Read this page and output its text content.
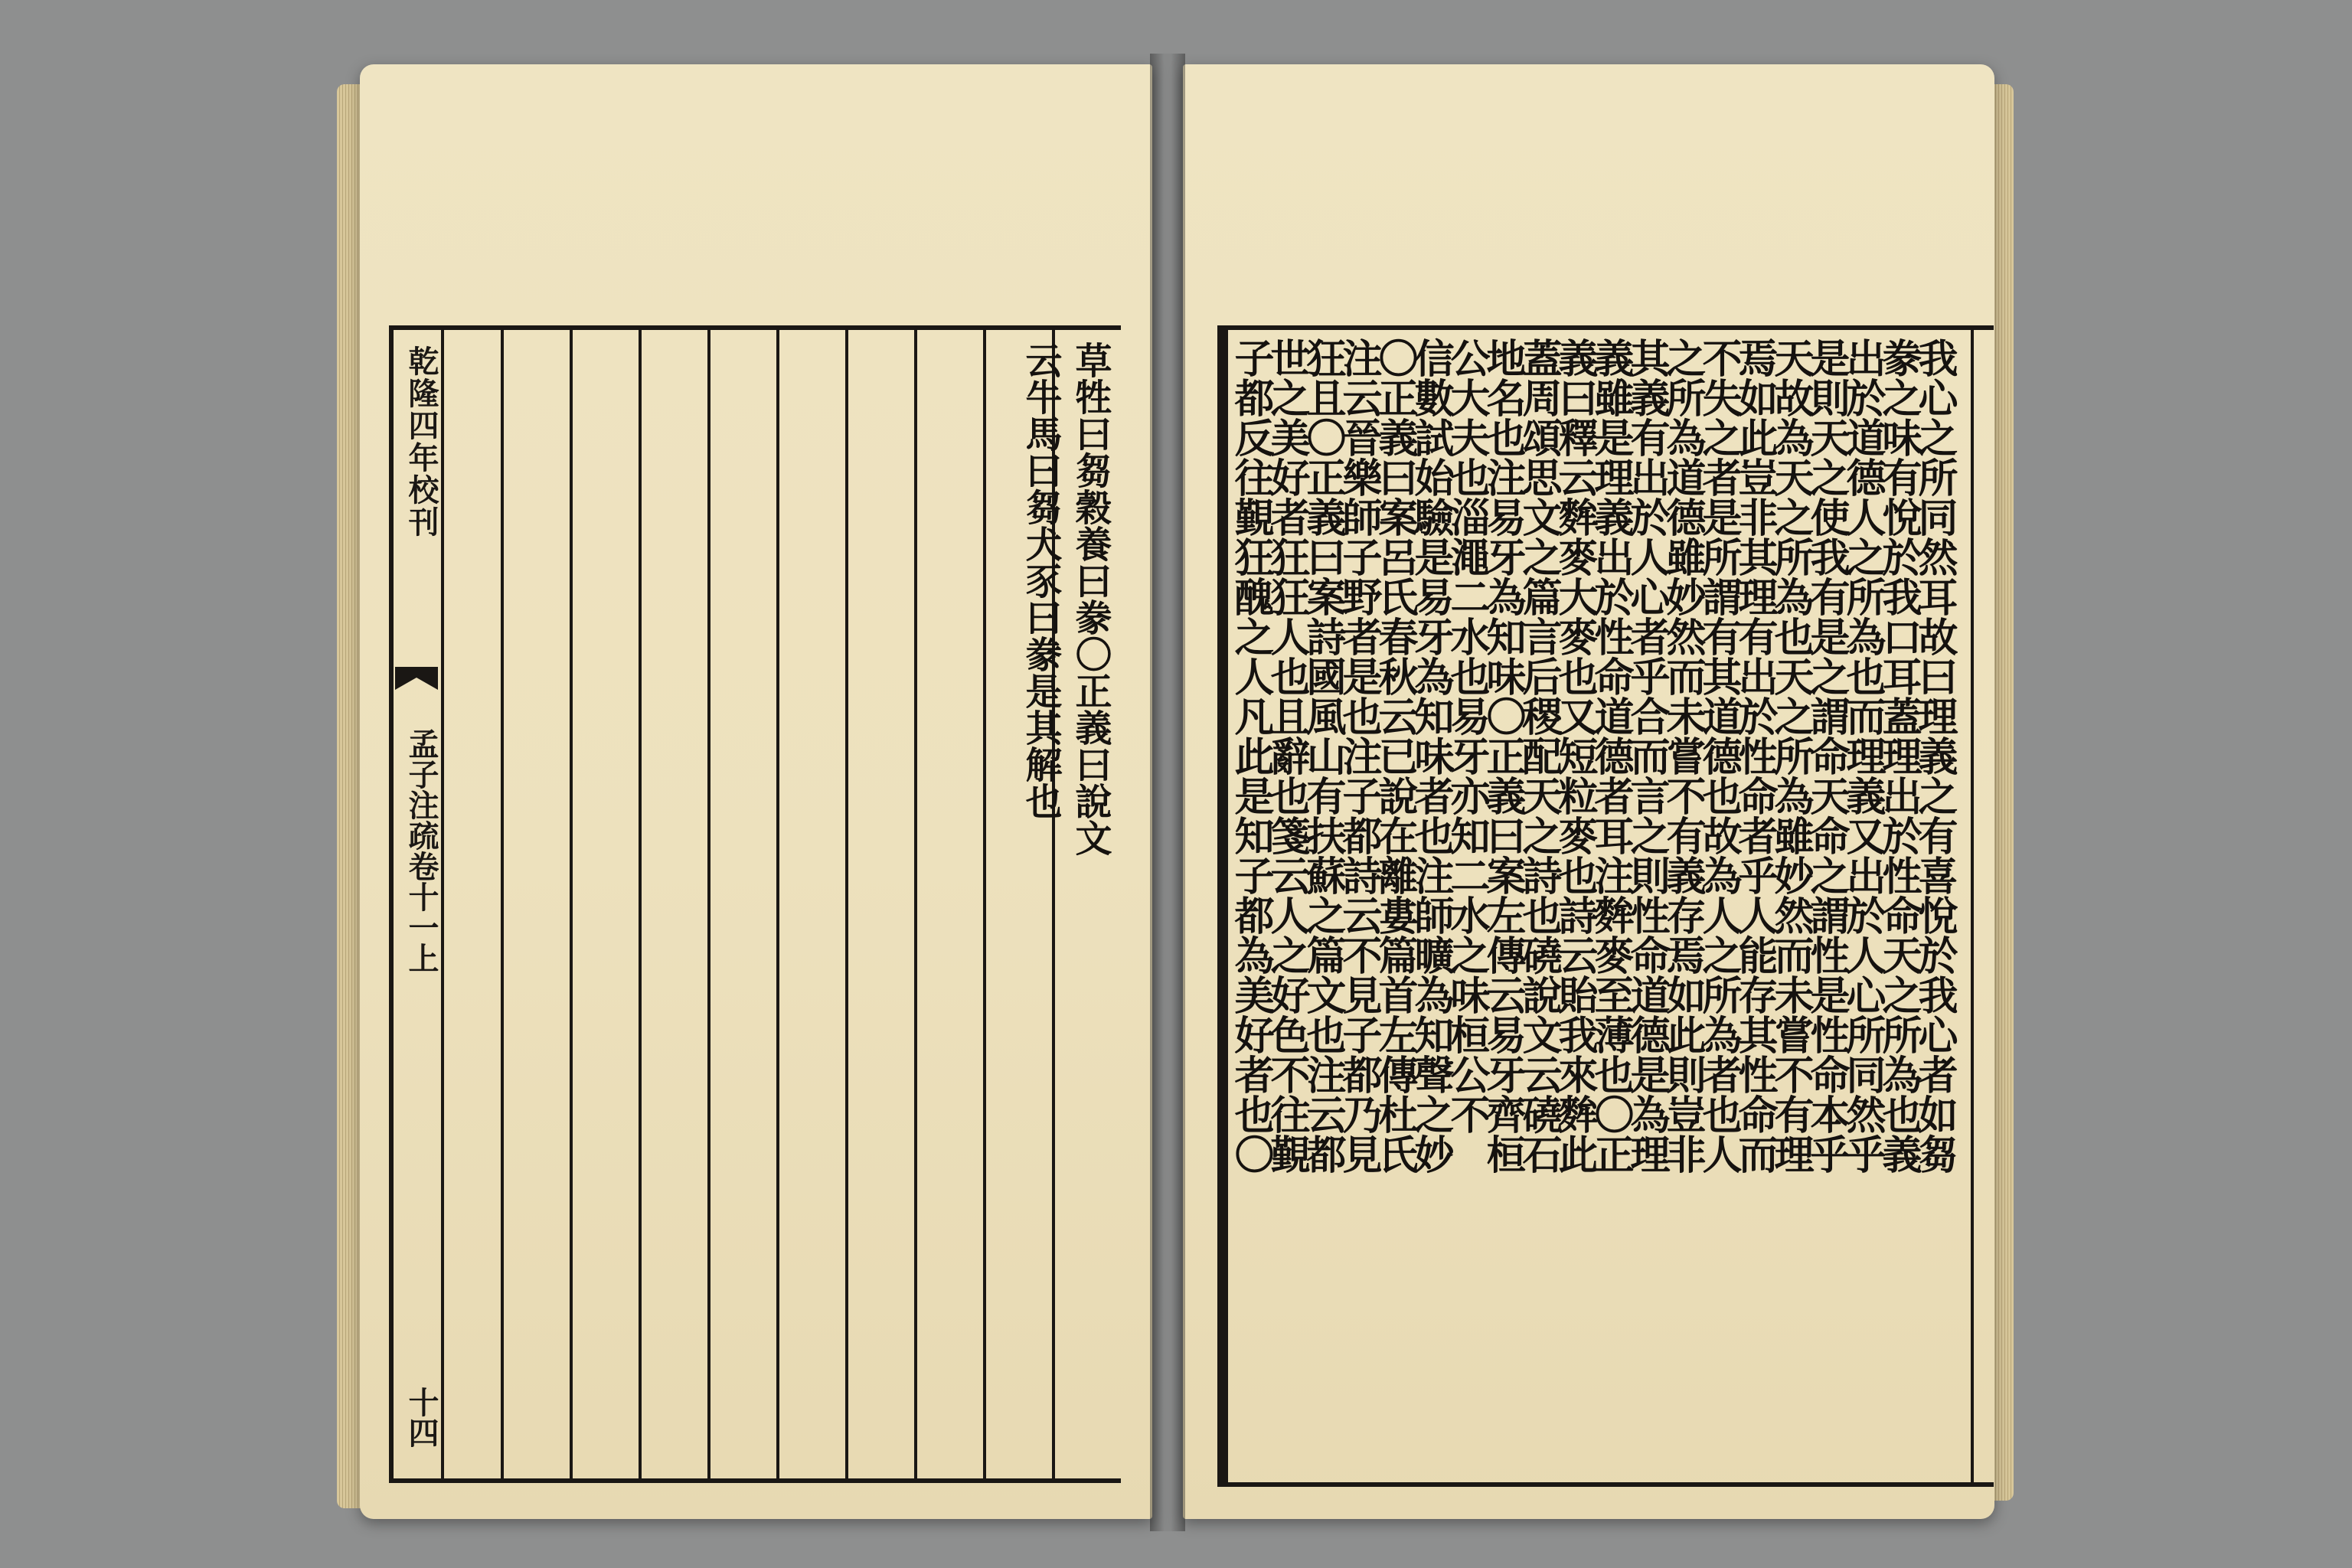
乾隆四年校刊
孟子注疏卷十一上
十四
草牲曰芻穀養曰豢〇正義曰說文
云牛馬曰芻犬豕曰豢是其解也	我心之所同然耳故曰理義之有喜悅於我心者如芻
豢之味有悅於我口耳蓋理出於性命天之所為也義
出於道德人之所為也而理義又出於人心所同然乎
是則天之使我有是之謂命天命之謂性是性命本乎
天故為天之所為也天之所為雖妙然而未嘗不有理
焉如此豈非其理有出於性命者乎人能存其性命而
不失之者是所謂有其道德也故為人之所為者也人
之所為道德雖妙然而未嘗不有義存焉如此則豈非
其義有出於人心者乎合而言之則性命道德是為理
義雖是理義出於性命道德者耳注麰麥至薄也〇正
義曰釋云麰麥大麥也又短粒麥也詩云貽我來麰此
蓋周頌思文之篇言后稷配天之詩也磽說文云磽石
地名也注易牙為知味〇正義曰案左傳云易牙齊桓
公大夫也淄澠二水也易牙亦知二水之味桓公不
信數試始驗是易牙為知味者也注師曠為知聲之妙
〇正義曰案呂氏春秋云已說在離婁篇首左傳杜氏
注云晉樂師子野者是也注子都詩云不見子都乃見
狂且〇正義曰案詩國風山有扶蘇之篇文也注云都
世之美好者狂狂人也且辭也箋云人之好色不往覲
子都反往覲狂醜之人凡此是知子都為美好者也〇
